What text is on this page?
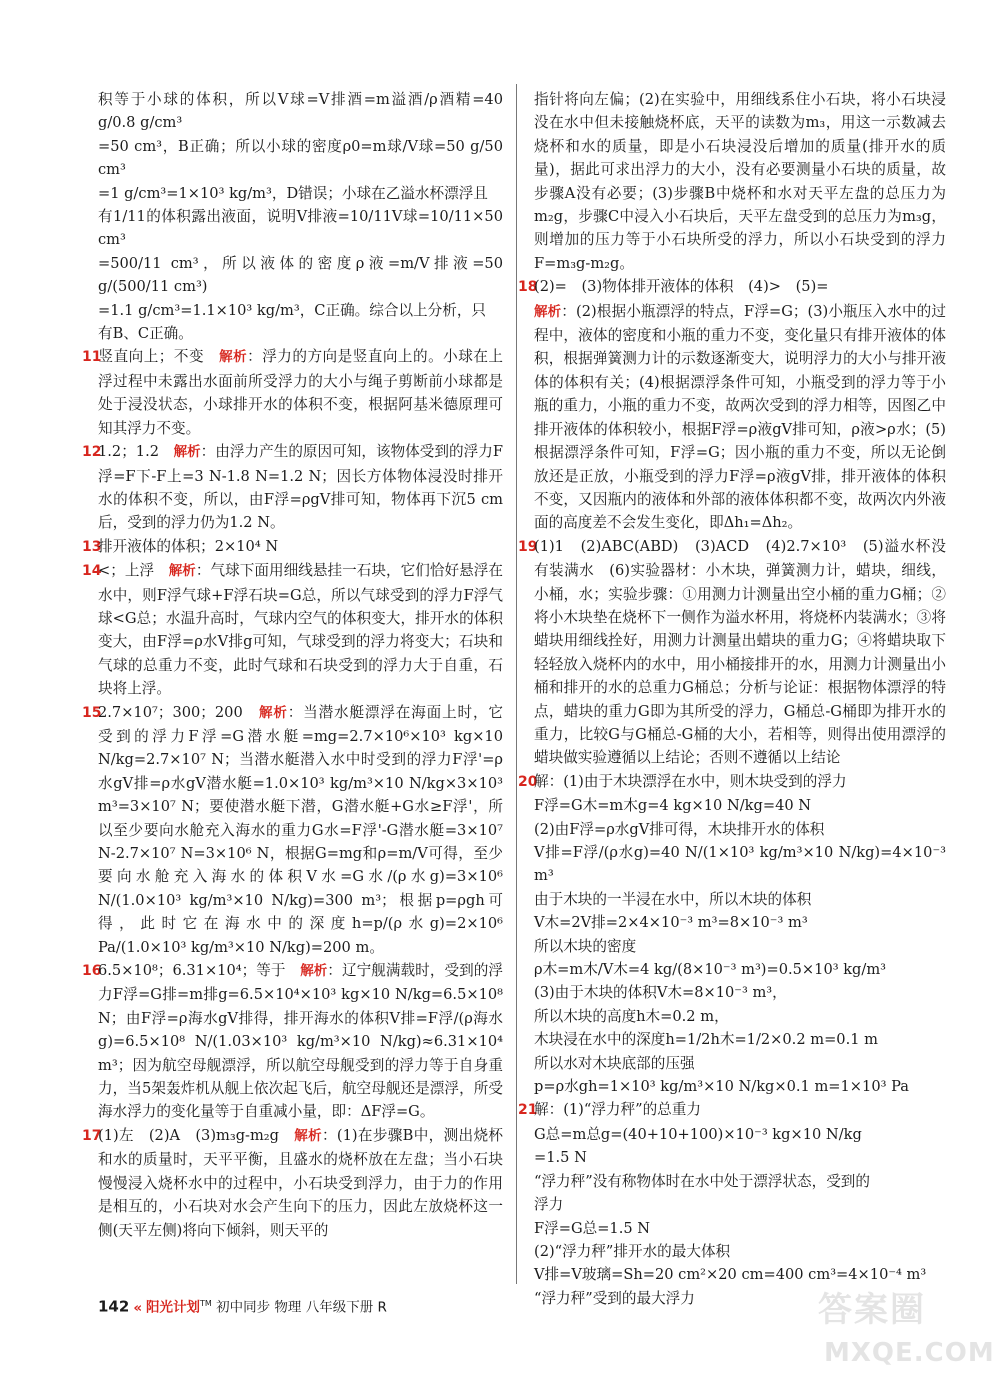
积等于小球的体积，所以V球=V排酒=m溢酒/ρ酒精=40 g/0.8 g/cm³
=50 cm³，B正确；所以小球的密度ρ0=m球/V球=50 g/50 cm³
=1 g/cm³=1×10³ kg/m³，D错误；小球在乙溢水杯漂浮且
有1/11的体积露出液面，说明V排液=10/11V球=10/11×50 cm³
=500/11 cm³，所以液体的密度ρ液=m/V排液=50 g/(500/11 cm³)
=1.1 g/cm³=1.1×10³ kg/m³，C正确。综合以上分析，只
有B、C正确。
11竖直向上；不变　 解析：浮力的方向是竖直向上的。小球在上浮过程中未露出水面前所受浮力的大小与绳子剪断前小球都是处于浸没状态，小球排开水的体积不变，根据阿基米德原理可知其浮力不变。
121.2；1.2　 解析：由浮力产生的原因可知，该物体受到的浮力F浮=F下-F上=3 N-1.8 N=1.2 N；因长方体物体浸没时排开水的体积不变，所以，由F浮=ρgV排可知，物体再下沉5 cm后，受到的浮力仍为1.2 N。
13排开液体的体积；2×10⁴ N
14<；上浮　 解析：气球下面用细线悬挂一石块，它们恰好悬浮在水中，则F浮气球+F浮石块=G总，所以气球受到的浮力F浮气球<G总；水温升高时，气球内空气的体积变大，排开水的体积变大，由F浮=ρ水V排g可知，气球受到的浮力将变大；石块和气球的总重力不变，此时气球和石块受到的浮力大于自重，石块将上浮。
152.7×10⁷；300；200　 解析：当潜水艇漂浮在海面上时，它受到的浮力F浮=G潜水艇=mg=2.7×10⁶×10³ kg×10 N/kg=2.7×10⁷ N；当潜水艇潜入水中时受到的浮力F浮'=ρ水gV排=ρ水gV潜水艇=1.0×10³ kg/m³×10 N/kg×3×10³ m³=3×10⁷ N；要使潜水艇下潜，G潜水艇+G水≥F浮'，所以至少要向水舱充入海水的重力G水=F浮'-G潜水艇=3×10⁷ N-2.7×10⁷ N=3×10⁶ N，根据G=mg和ρ=m/V可得，至少要向水舱充入海水的体积V水=G水/(ρ水g)=3×10⁶ N/(1.0×10³ kg/m³×10 N/kg)=300 m³；根据p=ρgh可得，此时它在海水中的深度h=p/(ρ水g)=2×10⁶ Pa/(1.0×10³ kg/m³×10 N/kg)=200 m。
166.5×10⁸；6.31×10⁴；等于　 解析：辽宁舰满载时，受到的浮力F浮=G排=m排g=6.5×10⁴×10³ kg×10 N/kg=6.5×10⁸ N；由F浮=ρ海水gV排得，排开海水的体积V排=F浮/(ρ海水g)=6.5×10⁸ N/(1.03×10³ kg/m³×10 N/kg)≈6.31×10⁴ m³；因为航空母舰漂浮，所以航空母舰受到的浮力等于自身重力，当5架轰炸机从舰上依次起飞后，航空母舰还是漂浮，所受海水浮力的变化量等于自重减小量，即：ΔF浮=G。
17(1)左　(2)A　(3)m₃g-m₂g　 解析：(1)在步骤B中，测出烧杯和水的质量时，天平平衡，且盛水的烧杯放在左盘；当小石块慢慢浸入烧杯水中的过程中，小石块受到浮力，由于力的作用是相互的，小石块对水会产生向下的压力，因此左放烧杯这一侧(天平左侧)将向下倾斜，则天平的
指针将向左偏；(2)在实验中，用细线系住小石块，将小石块浸没在水中但未接触烧杯底，天平的读数为m₃，用这一示数减去烧杯和水的质量，即是小石块浸没后增加的质量(排开水的质量)，据此可求出浮力的大小，没有必要测量小石块的质量，故步骤A没有必要；(3)步骤B中烧杯和水对天平左盘的总压力为m₂g，步骤C中浸入小石块后，天平左盘受到的总压力为m₃g，则增加的压力等于小石块所受的浮力，所以小石块受到的浮力F=m₃g-m₂g。
18(2)=　(3)物体排开液体的体积　(4)>　(5)=
解析：(2)根据小瓶漂浮的特点，F浮=G；(3)小瓶压入水中的过程中，液体的密度和小瓶的重力不变，变化量只有排开液体的体积，根据弹簧测力计的示数逐渐变大，说明浮力的大小与排开液体的体积有关；(4)根据漂浮条件可知，小瓶受到的浮力等于小瓶的重力，小瓶的重力不变，故两次受到的浮力相等，因图乙中排开液体的体积较小，根据F浮=ρ液gV排可知，ρ液>ρ水；(5)根据漂浮条件可知，F浮=G；因小瓶的重力不变，所以无论倒放还是正放，小瓶受到的浮力F浮=ρ液gV排，排开液体的体积不变，又因瓶内的液体和外部的液体体积都不变，故两次内外液面的高度差不会发生变化，即Δh₁=Δh₂。
19(1)1　(2)ABC(ABD)　(3)ACD　(4)2.7×10³　(5)溢水杯没有装满水　(6)实验器材：小木块，弹簧测力计，蜡块，细线，小桶，水；实验步骤：①用测力计测量出空小桶的重力G桶；②将小木块垫在烧杯下一侧作为溢水杯用，将烧杯内装满水；③将蜡块用细线拴好，用测力计测量出蜡块的重力G；④将蜡块取下轻轻放入烧杯内的水中，用小桶接排开的水，用测力计测量出小桶和排开的水的总重力G桶总；分析与论证：根据物体漂浮的特点，蜡块的重力G即为其所受的浮力，G桶总-G桶即为排开水的重力，比较G与G桶总-G桶的大小，若相等，则得出使用漂浮的蜡块做实验遵循以上结论；否则不遵循以上结论
20解：(1)由于木块漂浮在水中，则木块受到的浮力
F浮=G木=m木g=4 kg×10 N/kg=40 N
(2)由F浮=ρ水gV排可得，木块排开水的体积
V排=F浮/(ρ水g)=40 N/(1×10³ kg/m³×10 N/kg)=4×10⁻³ m³
由于木块的一半浸在水中，所以木块的体积
V木=2V排=2×4×10⁻³ m³=8×10⁻³ m³
所以木块的密度
ρ木=m木/V木=4 kg/(8×10⁻³ m³)=0.5×10³ kg/m³
(3)由于木块的体积V木=8×10⁻³ m³，
所以木块的高度h木=0.2 m，
木块浸在水中的深度h=1/2h木=1/2×0.2 m=0.1 m
所以水对木块底部的压强
p=ρ水gh=1×10³ kg/m³×10 N/kg×0.1 m=1×10³ Pa
21解：(1)“浮力秤”的总重力
G总=m总g=(40+10+100)×10⁻³ kg×10 N/kg
=1.5 N
“浮力秤”没有称物体时在水中处于漂浮状态，受到的
浮力
F浮=G总=1.5 N
(2)“浮力秤”排开水的最大体积
V排=V玻璃=Sh=20 cm²×20 cm=400 cm³=4×10⁻⁴ m³
“浮力秤”受到的最大浮力
142 « 阳光计划™ 初中同步 物理 八年级下册 R	答案圈
MXQE.COM
